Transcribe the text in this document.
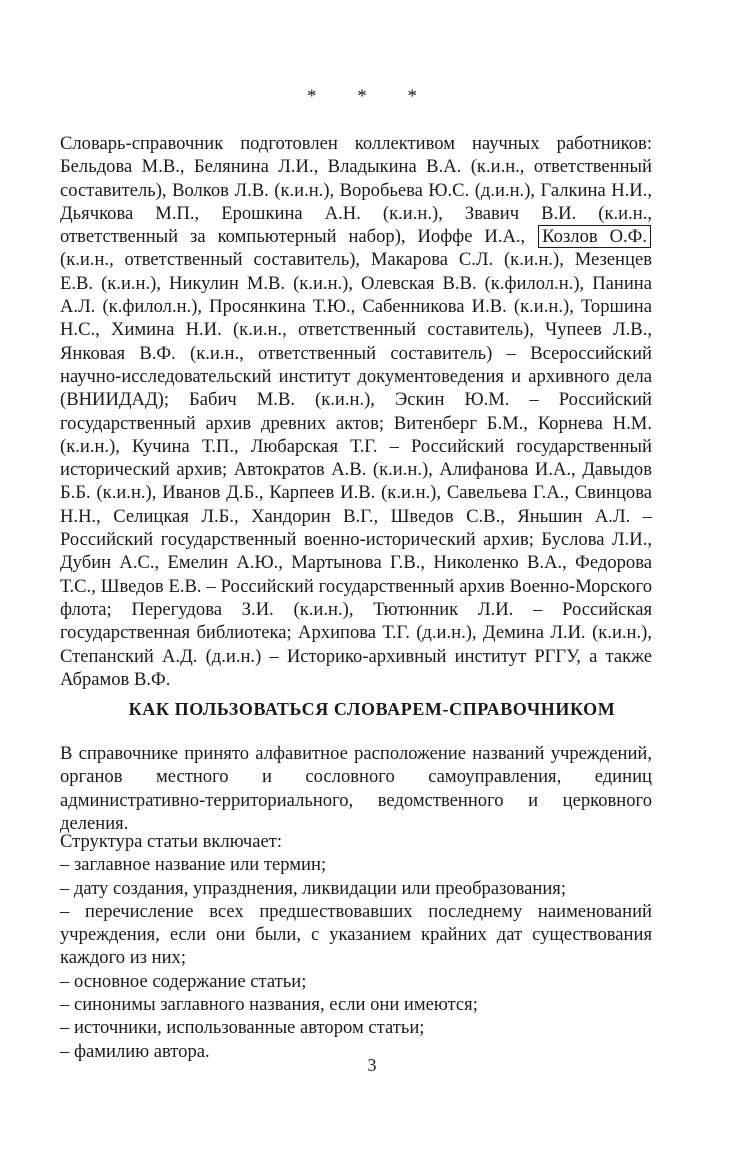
* * *
Словарь-справочник подготовлен коллективом научных работников: Бельдова М.В., Белянина Л.И., Владыкина В.А. (к.и.н., ответственный составитель), Волков Л.В. (к.и.н.), Воробьева Ю.С. (д.и.н.), Галкина Н.И., Дьячкова М.П., Ерошкина А.Н. (к.и.н.), Звавич В.И. (к.и.н., ответственный за компьютерный набор), Иоффе И.А., Козлов О.Ф. (к.и.н., ответственный составитель), Макарова С.Л. (к.и.н.), Мезенцев Е.В. (к.и.н.), Никулин М.В. (к.и.н.), Олевская В.В. (к.филол.н.), Панина А.Л. (к.филол.н.), Просянкина Т.Ю., Сабенникова И.В. (к.и.н.), Торшина Н.С., Химина Н.И. (к.и.н., ответственный составитель), Чупеев Л.В., Янковая В.Ф. (к.и.н., ответственный составитель) – Всероссийский научно-исследовательский институт документоведения и архивного дела (ВНИИДАД); Бабич М.В. (к.и.н.), Эскин Ю.М. – Российский государственный архив древних актов; Витенберг Б.М., Корнева Н.М. (к.и.н.), Кучина Т.П., Любарская Т.Г. – Российский государственный исторический архив; Автократов А.В. (к.и.н.), Алифанова И.А., Давыдов Б.Б. (к.и.н.), Иванов Д.Б., Карпеев И.В. (к.и.н.), Савельева Г.А., Свинцова Н.Н., Селицкая Л.Б., Хандорин В.Г., Шведов С.В., Яньшин А.Л. – Российский государственный военно-исторический архив; Буслова Л.И., Дубин А.С., Емелин А.Ю., Мартынова Г.В., Николенко В.А., Федорова Т.С., Шведов Е.В. – Российский государственный архив Военно-Морского флота; Перегудова З.И. (к.и.н.), Тютюнник Л.И. – Российская государственная библиотека; Архипова Т.Г. (д.и.н.), Демина Л.И. (к.и.н.), Степанский А.Д. (д.и.н.) – Историко-архивный институт РГГУ, а также Абрамов В.Ф.
КАК ПОЛЬЗОВАТЬСЯ СЛОВАРЕМ-СПРАВОЧНИКОМ

В справочнике принято алфавитное расположение названий учреждений, органов местного и сословного самоуправления, единиц административно-территориального, ведомственного и церковного деления.

Структура статьи включает:
– заглавное название или термин;
– дату создания, упразднения, ликвидации или преобразования;
– перечисление всех предшествовавших последнему наименований учреждения, если они были, с указанием крайних дат существования каждого из них;
– основное содержание статьи;
– синонимы заглавного названия, если они имеются;
– источники, использованные автором статьи;
– фамилию автора.
3
